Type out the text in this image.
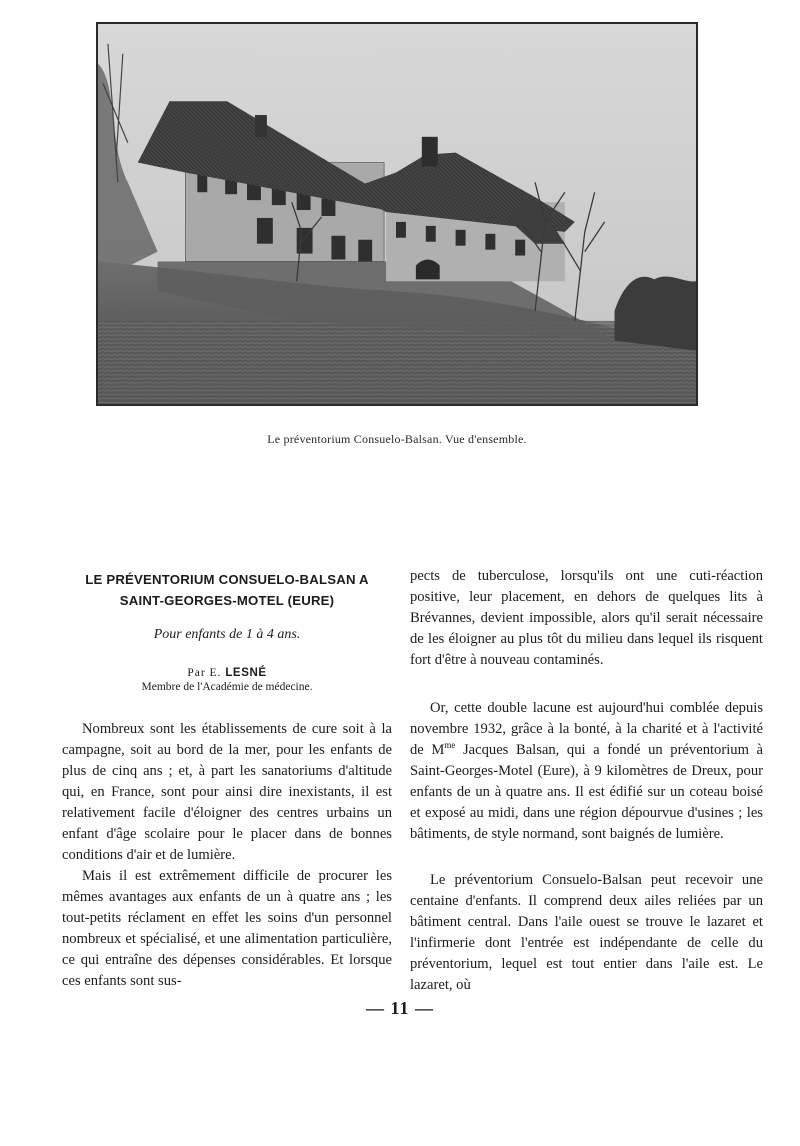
Le préventorium Consuelo-Balsan. Vue d'ensemble.
LE PRÉVENTORIUM CONSUELO-BALSAN A SAINT-GEORGES-MOTEL (EURE)

Pour enfants de 1 à 4 ans.

Par E. LESNÉ

Membre de l'Académie de médecine.

Nombreux sont les établissements de cure soit à la campagne, soit au bord de la mer, pour les enfants de plus de cinq ans ; et, à part les sanatoriums d'altitude qui, en France, sont pour ainsi dire inexistants, il est relativement facile d'éloigner des centres urbains un enfant d'âge scolaire pour le placer dans de bonnes conditions d'air et de lumière.

Mais il est extrêmement difficile de procurer les mêmes avantages aux enfants de un à quatre ans ; les tout-petits réclament en effet les soins d'un personnel nombreux et spécialisé, et une alimentation particulière, ce qui entraîne des dépenses considérables. Et lorsque ces enfants sont sus-

pects de tuberculose, lorsqu'ils ont une cuti-réaction positive, leur placement, en dehors de quelques lits à Brévannes, devient impossible, alors qu'il serait nécessaire de les éloigner au plus tôt du milieu dans lequel ils risquent fort d'être à nouveau contaminés.

Or, cette double lacune est aujourd'hui comblée depuis novembre 1932, grâce à la bonté, à la charité et à l'activité de $M^{me}$ Jacques Balsan, qui a fondé un préventorium à Saint-Georges-Motel (Eure), à 9 kilomètres de Dreux, pour enfants de un à quatre ans. Il est édifié sur un coteau boisé et exposé au midi, dans une région dépourvue d'usines ; les bâtiments, de style normand, sont baignés de lumière.

Le préventorium Consuelo-Balsan peut recevoir une centaine d'enfants. Il comprend deux ailes reliées par un bâtiment central. Dans l'aile ouest se trouve le lazaret et l'infirmerie dont l'entrée est indépendante de celle du préventorium, lequel est tout entier dans l'aile est. Le lazaret, où

— 11 —
